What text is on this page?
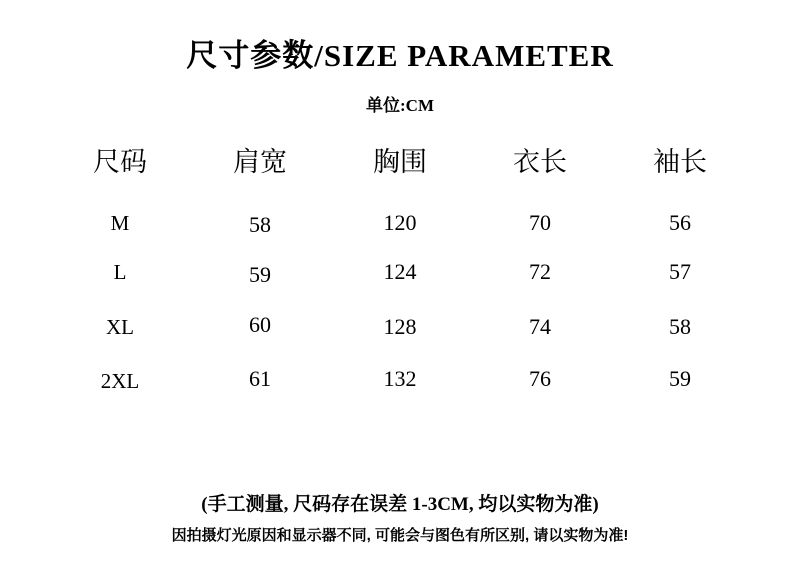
尺寸参数/SIZE PARAMETER
单位:CM
尺码	肩宽	胸围	衣长	袖长
M	58	120	70	56
L	59	124	72	57
XL	60	128	74	58
2XL	61	132	76	59
(手工测量, 尺码存在误差 1-3CM, 均以实物为准)
因拍摄灯光原因和显示器不同, 可能会与图色有所区别, 请以实物为准!
